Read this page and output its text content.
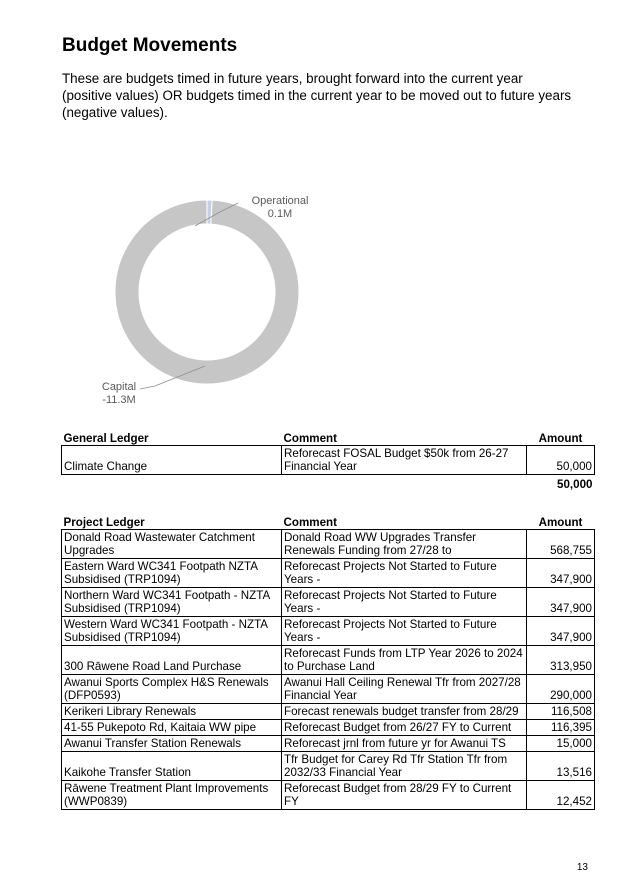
Budget Movements

These are budgets timed in future years, brought forward into the current year (positive values) OR budgets timed in the current year to be moved out to future years (negative values).

Operational
0.1M
Capital
-11.3M
General Ledger	Comment	Amount
Climate Change	Reforecast FOSAL Budget $50k from 26-27 Financial Year	50,000
		50,000
Project Ledger	Comment	Amount
Donald Road Wastewater Catchment Upgrades	Donald Road WW Upgrades Transfer Renewals Funding from 27/28 to	568,755
Eastern Ward WC341 Footpath NZTA Subsidised (TRP1094)	Reforecast Projects Not Started to Future Years -	347,900
Northern Ward WC341 Footpath - NZTA Subsidised (TRP1094)	Reforecast Projects Not Started to Future Years -	347,900
Western Ward WC341 Footpath - NZTA Subsidised (TRP1094)	Reforecast Projects Not Started to Future Years -	347,900
300 Rāwene Road Land Purchase	Reforecast Funds from LTP Year 2026 to 2024 to Purchase Land	313,950
Awanui Sports Complex H&S Renewals (DFP0593)	Awanui Hall Ceiling Renewal Tfr from 2027/28 Financial Year	290,000
Kerikeri Library Renewals	Forecast renewals budget transfer from 28/29	116,508
41-55 Pukepoto Rd, Kaitaia WW pipe	Reforecast Budget from 26/27 FY to Current	116,395
Awanui Transfer Station Renewals	Reforecast jrnl from future yr for Awanui TS	15,000
Kaikohe Transfer Station	Tfr Budget for Carey Rd Tfr Station Tfr from 2032/33 Financial Year	13,516
Rāwene Treatment Plant Improvements (WWP0839)	Reforecast Budget from 28/29 FY to Current FY	12,452
13
